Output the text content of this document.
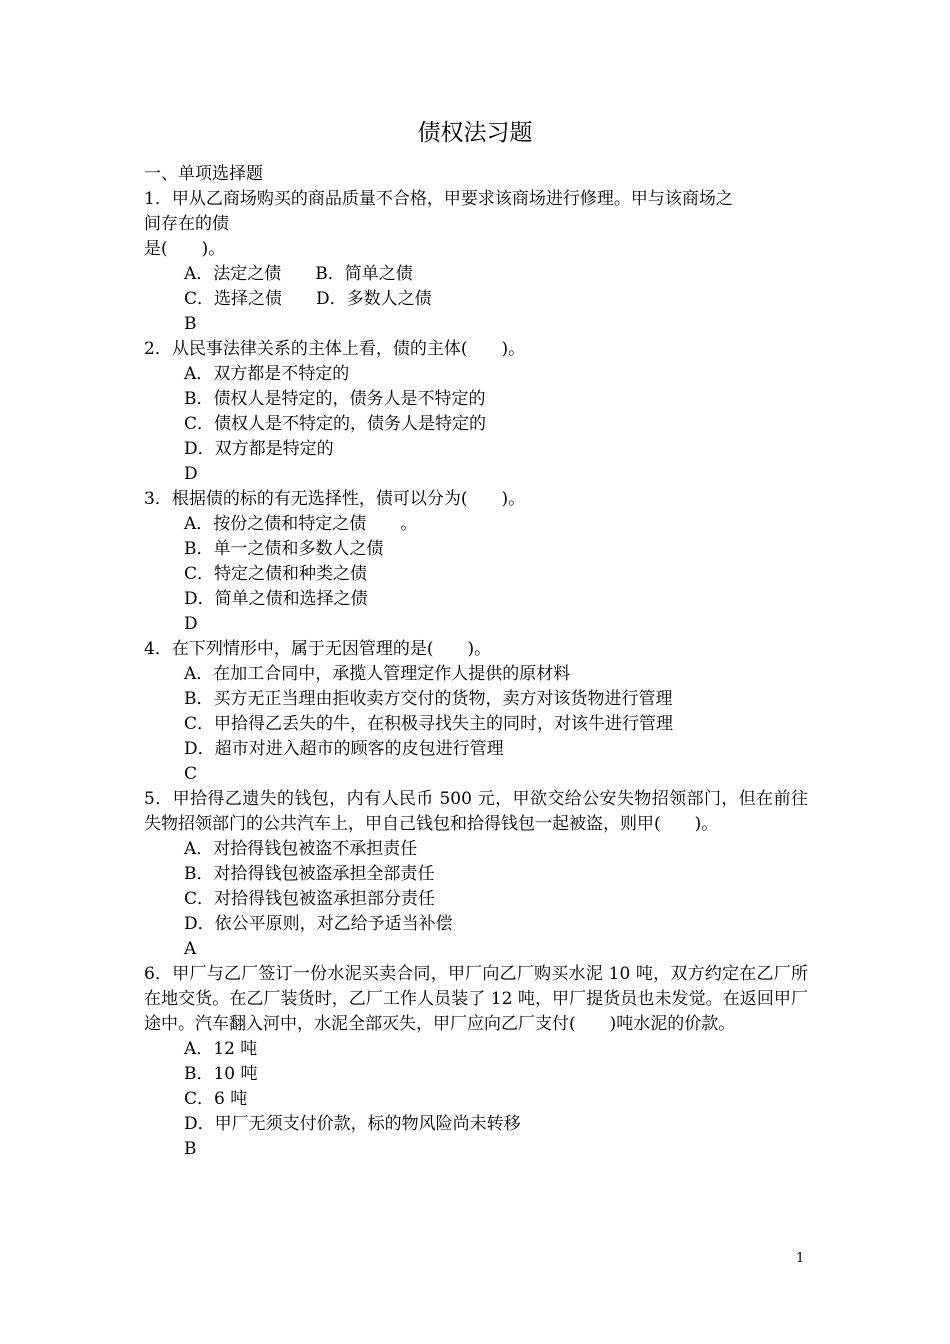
债权法习题
一、单项选择题
1．甲从乙商场购买的商品质量不合格，甲要求该商场进行修理。甲与该商场之
间存在的债
是(　　)。
A．法定之债　　B．简单之债
C．选择之债　　D．多数人之债
B
2．从民事法律关系的主体上看，债的主体(　　)。
A．双方都是不特定的
B．债权人是特定的，债务人是不特定的
C．债权人是不特定的，债务人是特定的
D．双方都是特定的
D
3．根据债的标的有无选择性，债可以分为(　　)。
A．按份之债和特定之债　　。
B．单一之债和多数人之债
C．特定之债和种类之债
D．简单之债和选择之债
D
4．在下列情形中，属于无因管理的是(　　)。
A．在加工合同中，承揽人管理定作人提供的原材料
B．买方无正当理由拒收卖方交付的货物，卖方对该货物进行管理
C．甲拾得乙丢失的牛，在积极寻找失主的同时，对该牛进行管理
D．超市对进入超市的顾客的皮包进行管理
C
5．甲拾得乙遗失的钱包，内有人民币 500 元，甲欲交给公安失物招领部门，但在前往失物招领部门的公共汽车上，甲自己钱包和拾得钱包一起被盗，则甲(　　)。
A．对拾得钱包被盗不承担责任
B．对拾得钱包被盗承担全部责任
C．对拾得钱包被盗承担部分责任
D．依公平原则，对乙给予适当补偿
A
6．甲厂与乙厂签订一份水泥买卖合同，甲厂向乙厂购买水泥 10 吨，双方约定在乙厂所在地交货。在乙厂装货时，乙厂工作人员装了 12 吨，甲厂提货员也未发觉。在返回甲厂途中。汽车翻入河中，水泥全部灭失，甲厂应向乙厂支付(　　)吨水泥的价款。
A．12 吨
B．10 吨
C．6 吨
D．甲厂无须支付价款，标的物风险尚未转移
B
1
